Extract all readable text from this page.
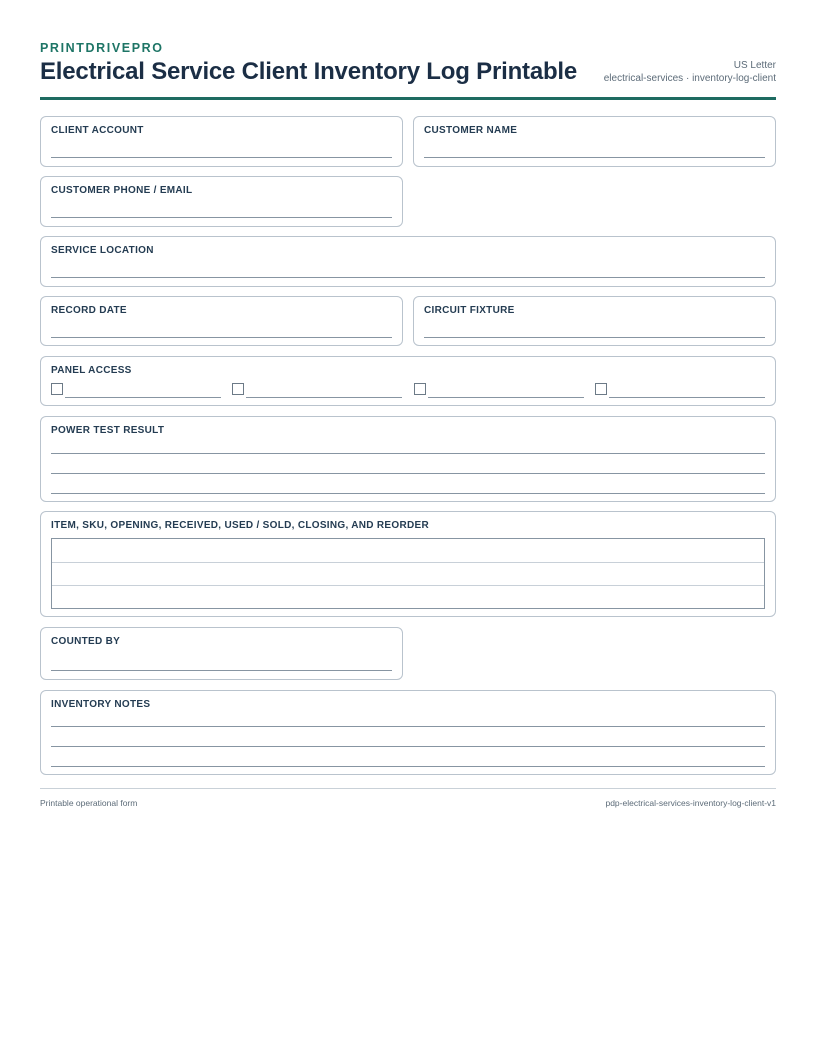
PRINTDRIVEPRO
Electrical Service Client Inventory Log Printable	US Letter
electrical-services · inventory-log-client
CLIENT ACCOUNT	CUSTOMER NAME
CUSTOMER PHONE / EMAIL
SERVICE LOCATION
RECORD DATE	CIRCUIT FIXTURE
PANEL ACCESS
POWER TEST RESULT
ITEM, SKU, OPENING, RECEIVED, USED / SOLD, CLOSING, AND REORDER
COUNTED BY
INVENTORY NOTES
Printable operational form	pdp-electrical-services-inventory-log-client-v1
